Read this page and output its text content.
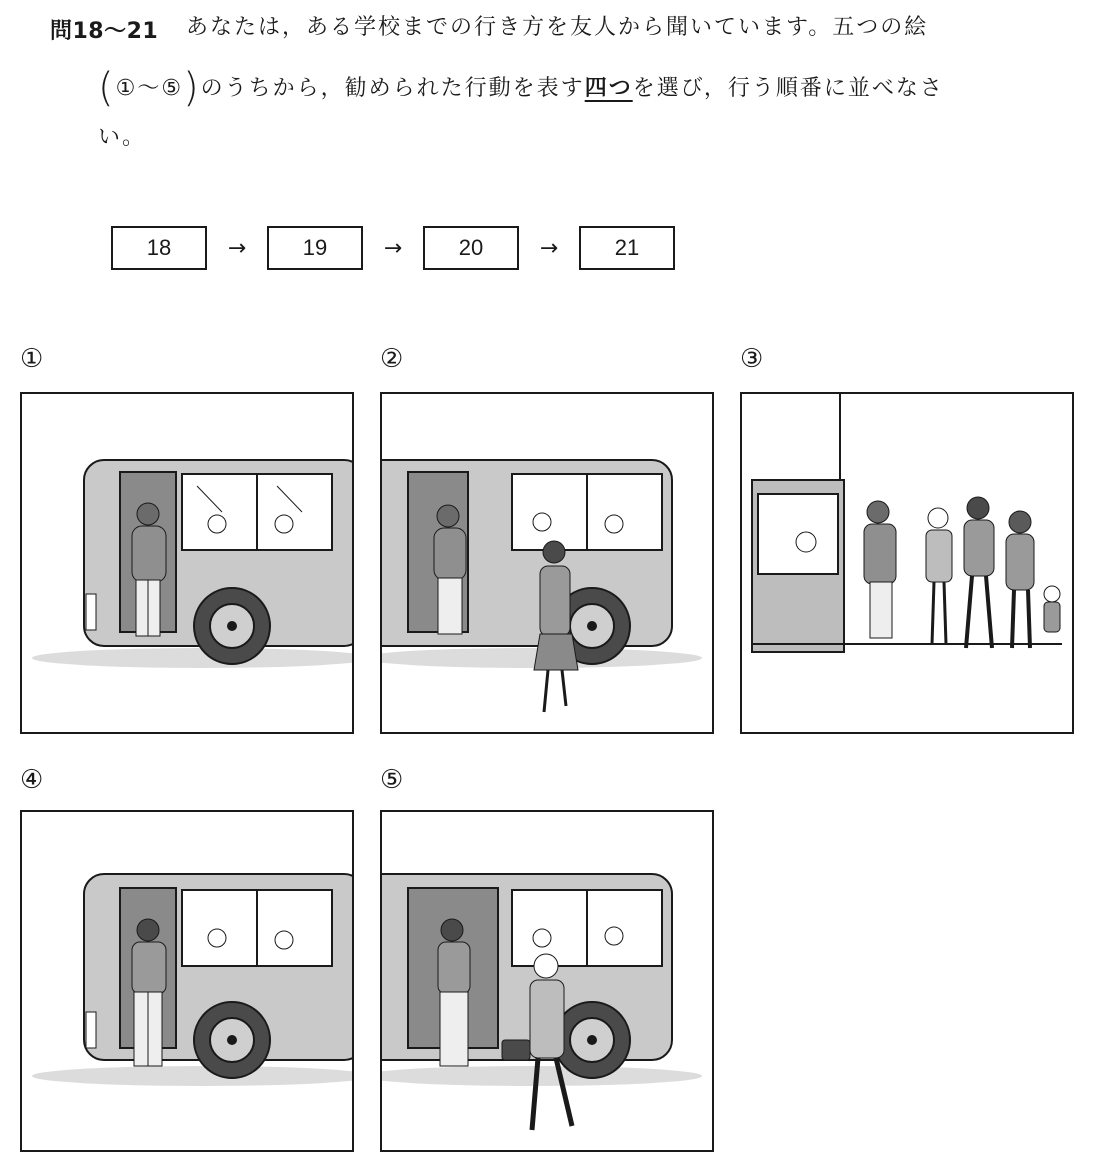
問18～21 あなたは，ある学校までの行き方を友人から聞いています。五つの絵
(①～⑤)のうちから，勧められた行動を表す四つを選び，行う順番に並べなさ
い。
18	→	19	→	20	→	21
①	②	③
④	⑤
